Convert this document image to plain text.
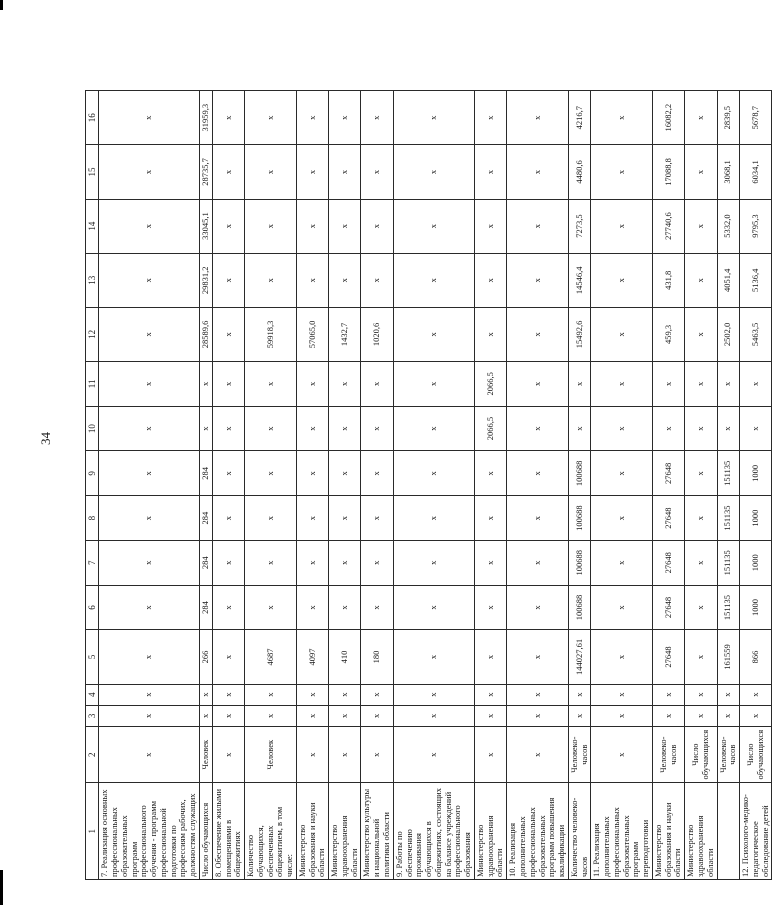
34
1	2	3	4	5	6	7	8	9	10	11	12	13	14	15	16
7. Реализация основных профессиональных образовательных программ профессионального обучения - программ профессиональной подготовки по профессиям рабочих, должностям служащих	х	х	х	х	х	х	х	х	х	х	х	х	х	х	х
Число обучающихся	Человек	х	х	266	284	284	284	284	х	х	28589,6	29831,2	33045,1	28735,7	31959,3
8. Обеспечение жилыми помещениями в общежитиях	х	х	х	х	х	х	х	х	х	х	х	х	х	х	х
Количество обучающихся, обеспеченных общежитием, в том числе:	Человек	х	х	4687	х	х	х	х	х	х	59918,3	х	х	х	х
Министерство образования и науки области	х	х	х	4097	х	х	х	х	х	х	57065,0	х	х	х	х
Министерство здравоохранения области	х	х	х	410	х	х	х	х	х	х	1432,7	х	х	х	х
Министерство культуры и национальной политики области	х	х	х	180	х	х	х	х	х	х	1020,6	х	х	х	х
9. Работы по обеспечению проживания обучающихся в общежитиях, состоящих на балансе учреждений профессионального образования	х	х	х	х	х	х	х	х	х	х	х	х	х	х	х
Министерство здравоохранения области	х	х	х	х	х	х	х	х	2066,5	2066,5	х	х	х	х	х
10. Реализация дополнительных профессиональных образовательных программ повышения квалификации	х	х	х	х	х	х	х	х	х	х	х	х	х	х	х
Количество человеко-часов	Человеко-часов	х	х	144027,61	100688	100688	100688	100688	х	х	15492,6	14546,4	7273,5	4480,6	4216,7
11. Реализация дополнительных профессиональных образовательных программ переподготовки	х	х	х	х	х	х	х	х	х	х	х	х	х	х	х
Министерство образования и науки области	Человеко-часов	х	х	27648	27648	27648	27648	27648	х	х	459,3	431,8	27740,6	17088,8	16082,2
Министерство здравоохранения области	Число обучающихся	х	х	х	х	х	х	х	х	х	х	х	х	х	х
	Человеко-часов	х	х	161559	151135	151135	151135	151135	х	х	2502,0	4051,4	5332,0	3068,1	2839,5
12. Психолого-медико-педагогическое обследование детей	Число обучающихся	х	х	866	1000	1000	1000	1000	х	х	5463,5	5136,4	9795,3	6034,1	5678,7
